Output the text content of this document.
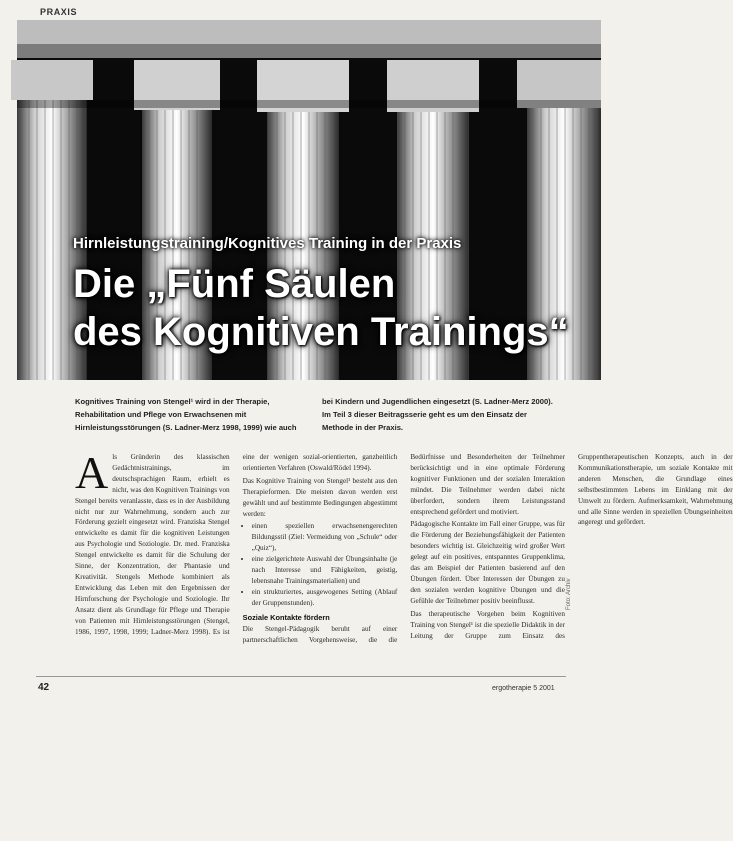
PRAXIS
Hirnleistungstraining/Kognitives Training in der Praxis
Die „Fünf Säulen
des Kognitiven Trainings“
Kognitives Training von Stengel¹ wird in der Therapie, Rehabilitation und Pflege von Erwachsenen mit Hirnleistungsstörungen (S. Ladner-Merz 1998, 1999) wie auch bei Kindern und Jugendlichen eingesetzt (S. Ladner-Merz 2000). Im Teil 3 dieser Beitragsserie geht es um den Einsatz der Methode in der Praxis.

Als Gründerin des klassischen Gedächtnistrainings, im deutschsprachigen Raum, erhielt es nicht, was den Kognitiven Trainings von Stengel bereits veranlasste, dass es in der Ausbildung nicht nur zur Wahrnehmung, sondern auch zur Förderung gezielt eingesetzt wird. Franziska Stengel entwickelte es damit für die kognitiven Leistungen aus Psychologie und Soziologie. Dr. med. Franziska Stengel entwickelte es damit für die Schulung der Sinne, der Konzentration, der Phantasie und Kreativität. Stengels Methode kombiniert als Entwicklung das Leben mit den Ergebnissen der Hirnforschung der Psychologie und Soziologie. Ihr Ansatz dient als Grundlage für Pflege und Therapie von Patienten mit Hirnleistungsstörungen (Stengel, 1986, 1997, 1998, 1999; Ladner-Merz 1998). Es ist eine der wenigen sozial-orientierten, ganzheitlich orientierten Verfahren (Oswald/Rödel 1994).

Das Kognitive Training von Stengel¹ besteht aus den Therapieformen. Die meisten davon werden erst gewählt und auf bestimmte Bedingungen abgestimmt werden:

• einen speziellen erwachsenengerechten Bildungsstil (Ziel: Vermeidung von „Schule“ oder „Quiz“),
• eine zielgerichtete Auswahl der Übungsinhalte (je nach Interesse und Fähigkeiten, geistig, lebensnahe Trainingsmaterialien) und
• ein strukturiertes, ausgewogenes Setting (Ablauf der Gruppenstunden).
Soziale Kontakte fördern

Die Stengel-Pädagogik beruht auf einer partnerschaftlichen Vorgehensweise, die die Bedürfnisse und Besonderheiten der Teilnehmer berücksichtigt und in eine optimale Förderung kognitiver Funktionen und der sozialen Interaktion mündet. Die Teilnehmer werden dabei nicht überfordert, sondern ihrem Leistungsstand entsprechend gefördert und motiviert.

Pädagogische Kontakte im Fall einer Gruppe, was für die Förderung der Beziehungsfähigkeit der Patienten besonders wichtig ist. Gleichzeitig wird großer Wert gelegt auf ein positives, entspanntes Gruppenklima, das am Beispiel der Patienten basierend auf den Übungen fördert. Über Interessen der Übungen zu den sozialen werden kognitive Übungen und die Gefühle der Teilnehmer positiv beeinflusst.

Das therapeutische Vorgehen beim Kognitiven Training von Stengel¹ ist die spezielle Didaktik in der Leitung der Gruppe zum Einsatz des Gruppentherapeutischen Konzepts, auch in der Kommunikationstherapie, um soziale Kontakte mit anderen Menschen, die Grundlage eines selbstbestimmten Lebens im Einklang mit der Umwelt zu fördern. Aufmerksamkeit, Wahrnehmung und alle Sinne werden in speziellen Übungseinheiten angeregt und gefördert.

42	ergotherapie 5 2001
Foto: Archiv
